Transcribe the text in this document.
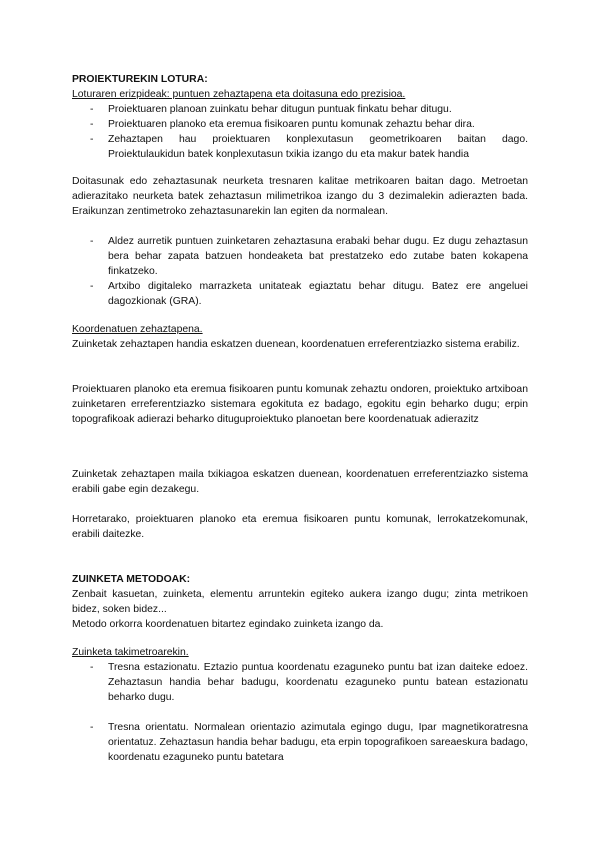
PROIEKTUREKIN LOTURA:

Loturaren erizpideak: puntuen zehaztapena eta doitasuna edo prezisioa.

- Proiektuaren planoan zuinkatu behar ditugun puntuak finkatu behar ditugu.
- Proiektuaren planoko eta eremua fisikoaren puntu komunak zehaztu behar dira.
- Zehaztapen hau proiektuaren konplexutasun geometrikoaren baitan dago. Proiektulaukidun batek konplexutasun txikia izango du eta makur batek handia

Doitasunak edo zehaztasunak neurketa tresnaren kalitae metrikoaren baitan dago. Metroetan adierazitako neurketa batek zehaztasun milimetrikoa izango du 3 dezimalekin adierazten bada. Eraikunzan zentimetroko zehaztasunarekin lan egiten da normalean.

- Aldez aurretik puntuen zuinketaren zehaztasuna erabaki behar dugu. Ez dugu zehaztasun bera behar zapata batzuen hondeaketa bat prestatzeko edo zutabe baten kokapena finkatzeko.
- Artxibo digitaleko marrazketa unitateak egiaztatu behar ditugu. Batez ere angeluei dagozkionak (GRA).

Koordenatuen zehaztapena.

Zuinketak zehaztapen handia eskatzen duenean, koordenatuen erreferentziazko sistema erabiliz.

Proiektuaren planoko eta eremua fisikoaren puntu komunak zehaztu ondoren, proiektuko artxiboan zuinketaren erreferentziazko sistemara egokituta ez badago, egokitu egin beharko dugu; erpin topografikoak adierazi beharko dituguproiektuko planoetan bere koordenatuak adierazitz

Zuinketak zehaztapen maila txikiagoa eskatzen duenean, koordenatuen erreferentziazko sistema erabili gabe egin dezakegu.

Horretarako, proiektuaren planoko eta eremua fisikoaren puntu komunak, lerrokatzekomunak, erabili daitezke.

ZUINKETA METODOAK:

Zenbait kasuetan, zuinketa, elementu arruntekin egiteko aukera izango dugu; zinta metrikoen bidez, soken bidez...

Metodo orkorra koordenatuen bitartez egindako zuinketa izango da.

Zuinketa takimetroarekin.

- Tresna estazionatu. Eztazio puntua koordenatu ezaguneko puntu bat izan daiteke edoez. Zehaztasun handia behar badugu, koordenatu ezaguneko puntu batean estazionatu beharko dugu.
- Tresna orientatu. Normalean orientazio azimutala egingo dugu, Ipar magnetikoratresna orientatuz. Zehaztasun handia behar badugu, eta erpin topografikoen sareaeskura badago, koordenatu ezaguneko puntu batetara
